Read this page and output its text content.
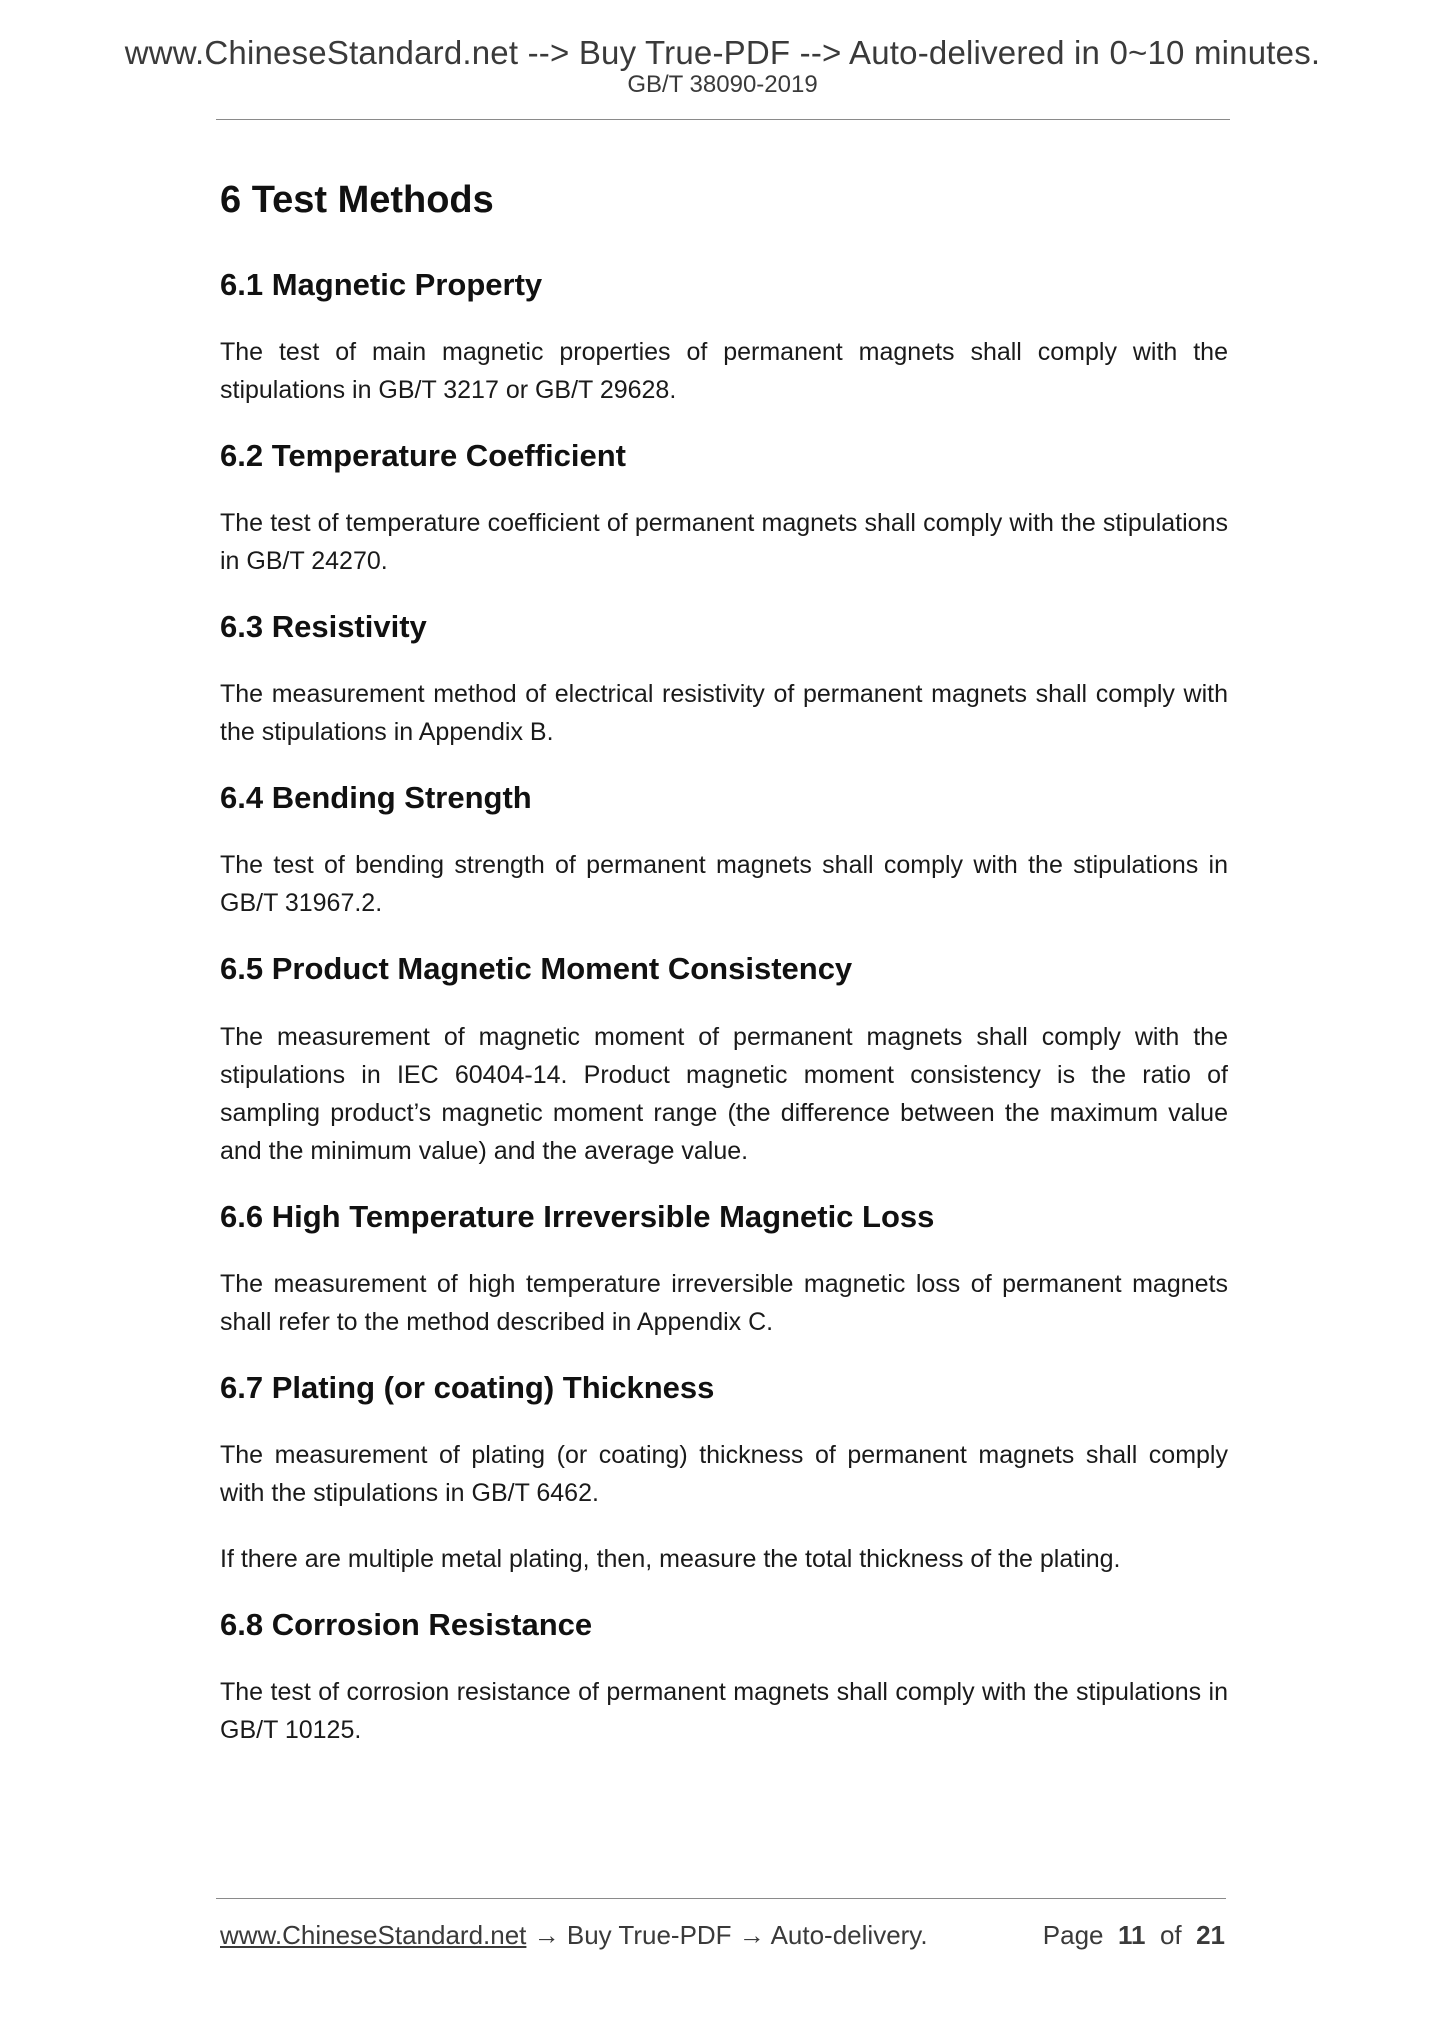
www.ChineseStandard.net --> Buy True-PDF --> Auto-delivered in 0~10 minutes.
GB/T 38090-2019
6 Test Methods
6.1 Magnetic Property

The test of main magnetic properties of permanent magnets shall comply with the stipulations in GB/T 3217 or GB/T 29628.

6.2 Temperature Coefficient

The test of temperature coefficient of permanent magnets shall comply with the stipulations in GB/T 24270.

6.3 Resistivity

The measurement method of electrical resistivity of permanent magnets shall comply with the stipulations in Appendix B.

6.4 Bending Strength

The test of bending strength of permanent magnets shall comply with the stipulations in GB/T 31967.2.

6.5 Product Magnetic Moment Consistency

The measurement of magnetic moment of permanent magnets shall comply with the stipulations in IEC 60404-14. Product magnetic moment consistency is the ratio of sampling product’s magnetic moment range (the difference between the maximum value and the minimum value) and the average value.

6.6 High Temperature Irreversible Magnetic Loss

The measurement of high temperature irreversible magnetic loss of permanent magnets shall refer to the method described in Appendix C.

6.7 Plating (or coating) Thickness

The measurement of plating (or coating) thickness of permanent magnets shall comply with the stipulations in GB/T 6462.

If there are multiple metal plating, then, measure the total thickness of the plating.

6.8 Corrosion Resistance

The test of corrosion resistance of permanent magnets shall comply with the stipulations in GB/T 10125.

www.ChineseStandard.net → Buy True-PDF → Auto-delivery.	Page 11 of 21
